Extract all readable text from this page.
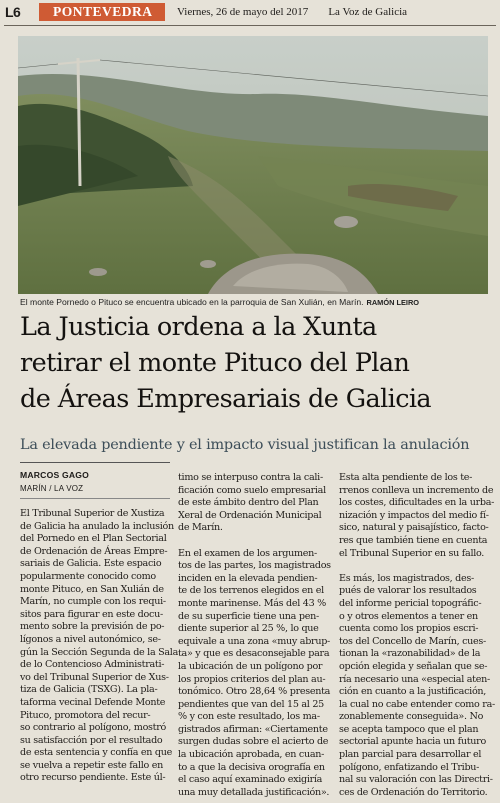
L6	PONTEVEDRA	Viernes, 26 de mayo del 2017 La Voz de Galicia
El monte Pornedo o Pituco se encuentra ubicado en la parroquia de San Xulián, en Marín. RAMÓN LEIRO
La Justicia ordena a la Xunta
retirar el monte Pituco del Plan
de Áreas Empresariais de Galicia
La elevada pendiente y el impacto visual justifican la anulación
MARCOS GAGO
MARÍN / LA VOZ
El Tribunal Superior de Xustiza
de Galicia ha anulado la inclusión
del Pornedo en el Plan Sectorial
de Ordenación de Áreas Empre-
sariais de Galicia. Este espacio
popularmente conocido como
monte Pituco, en San Xulián de
Marín, no cumple con los requi-
sitos para figurar en este docu-
mento sobre la previsión de po-
lígonos a nivel autonómico, se-
gún la Sección Segunda de la Sala
de lo Contencioso Administrati-
vo del Tribunal Superior de Xus-
tiza de Galicia (TSXG). La pla-
taforma vecinal Defende Monte
Pituco, promotora del recur-
so contrario al polígono, mostró
su satisfacción por el resultado
de esta sentencia y confía en que
se vuelva a repetir este fallo en
otro recurso pendiente. Este úl-
timo se interpuso contra la cali-
ficación como suelo empresarial
de este ámbito dentro del Plan
Xeral de Ordenación Municipal
de Marín.
En el examen de los argumen-
tos de las partes, los magistrados
inciden en la elevada pendien-
te de los terrenos elegidos en el
monte marinense. Más del 43 %
de su superficie tiene una pen-
diente superior al 25 %, lo que
equivale a una zona «muy abrup-
ta» y que es desaconsejable para
la ubicación de un polígono por
los propios criterios del plan au-
tonómico. Otro 28,64 % presenta
pendientes que van del 15 al 25
% y con este resultado, los ma-
gistrados afirman: «Ciertamente
surgen dudas sobre el acierto de
la ubicación aprobada, en cuan-
to a que la decisiva orografía en
el caso aquí examinado exigiría
una muy detallada justificación».
Esta alta pendiente de los te-
rrenos conlleva un incremento de
los costes, dificultades en la urba-
nización y impactos del medio fí-
sico, natural y paisajístico, facto-
res que también tiene en cuenta
el Tribunal Superior en su fallo.
Es más, los magistrados, des-
pués de valorar los resultados
del informe pericial topográfic-
o y otros elementos a tener en
cuenta como los propios escri-
tos del Concello de Marín, cues-
tionan la «razonabilidad» de la
opción elegida y señalan que se-
ría necesario una «especial aten-
ción en cuanto a la justificación,
la cual no cabe entender como ra-
zonablemente conseguida». No
se acepta tampoco que el plan
sectorial apunte hacia un futuro
plan parcial para desarrollar el
polígono, enfatizando el Tribu-
nal su valoración con las Directri-
ces de Ordenación do Territorio.
